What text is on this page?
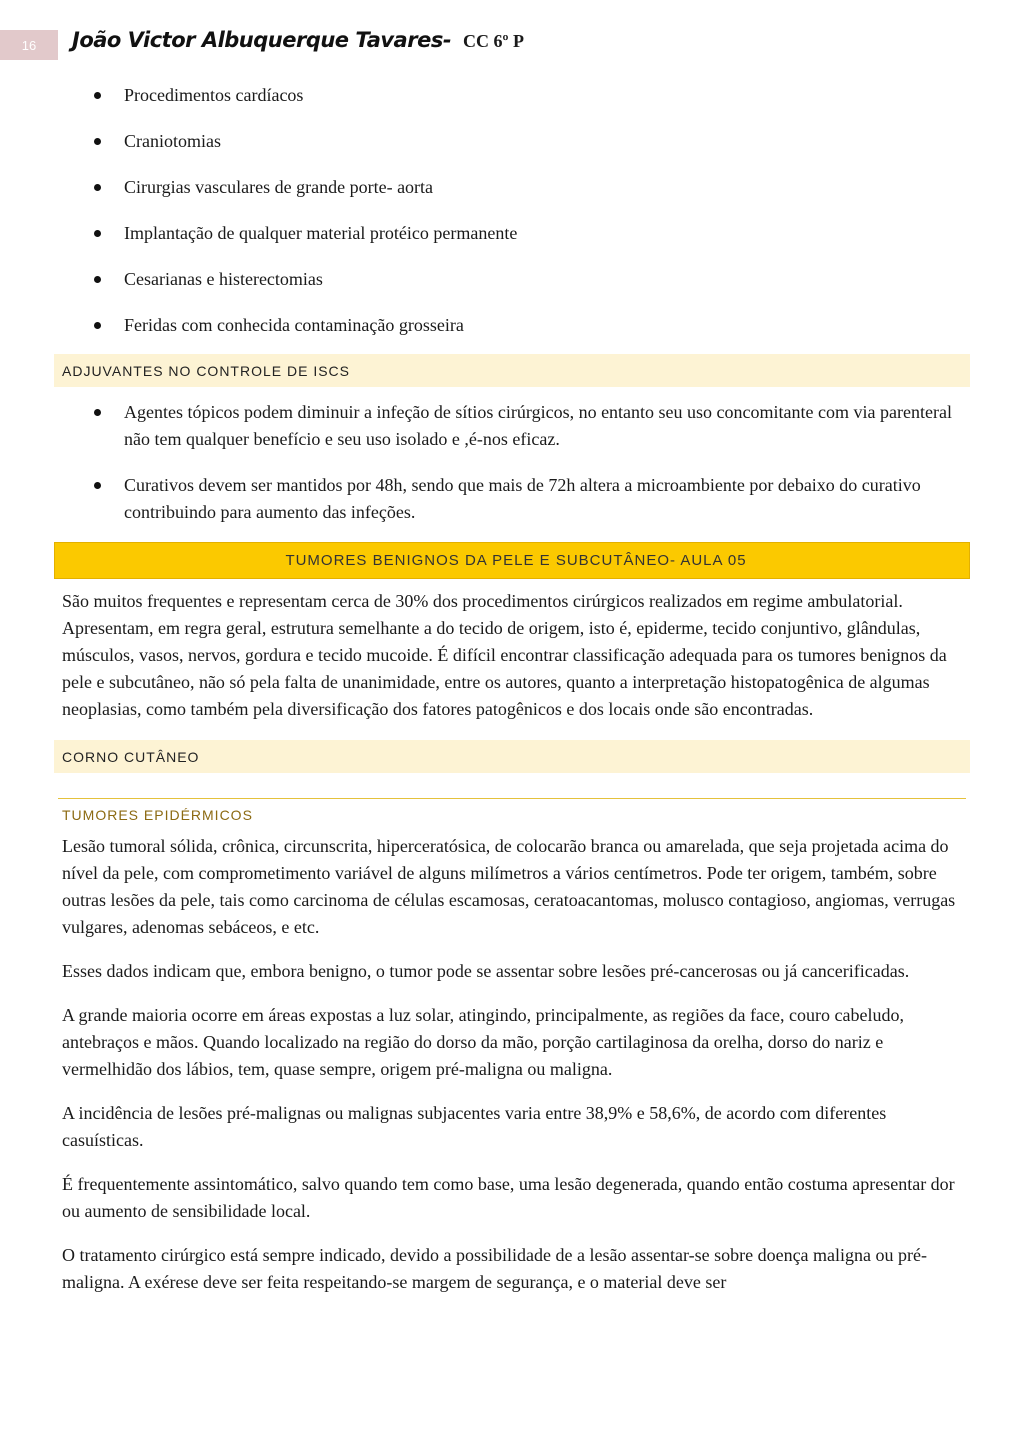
16	João Victor Albuquerque Tavares- CC 6º P
Procedimentos cardíacos
Craniotomias
Cirurgias vasculares de grande porte- aorta
Implantação de qualquer material protéico permanente
Cesarianas e histerectomias
Feridas com conhecida contaminação grosseira
ADJUVANTES NO CONTROLE DE ISCS
Agentes tópicos podem diminuir a infeção de sítios cirúrgicos, no entanto seu uso concomitante com via parenteral não tem qualquer benefício e seu uso isolado e ,é-nos eficaz.
Curativos devem ser mantidos por 48h, sendo que mais de 72h altera a microambiente por debaixo do curativo contribuindo para aumento das infeções.
TUMORES BENIGNOS DA PELE E SUBCUTÂNEO- AULA 05

São muitos frequentes e representam cerca de 30% dos procedimentos cirúrgicos realizados em regime ambulatorial. Apresentam, em regra geral, estrutura semelhante a do tecido de origem, isto é, epiderme, tecido conjuntivo, glândulas, músculos, vasos, nervos, gordura e tecido mucoide. É difícil encontrar classificação adequada para os tumores benignos da pele e subcutâneo, não só pela falta de unanimidade, entre os autores, quanto a interpretação histopatogênica de algumas neoplasias, como também pela diversificação dos fatores patogênicos e dos locais onde são encontradas.

CORNO CUTÂNEO
TUMORES EPIDÉRMICOS

Lesão tumoral sólida, crônica, circunscrita, hiperceratósica, de colocarão branca ou amarelada, que seja projetada acima do nível da pele, com comprometimento variável de alguns milímetros a vários centímetros. Pode ter origem, também, sobre outras lesões da pele, tais como carcinoma de células escamosas, ceratoacantomas, molusco contagioso, angiomas, verrugas vulgares, adenomas sebáceos, e etc.

Esses dados indicam que, embora benigno, o tumor pode se assentar sobre lesões pré-cancerosas ou já cancerificadas.

A grande maioria ocorre em áreas expostas a luz solar, atingindo, principalmente, as regiões da face, couro cabeludo, antebraços e mãos. Quando localizado na região do dorso da mão, porção cartilaginosa da orelha, dorso do nariz e vermelhidão dos lábios, tem, quase sempre, origem pré-maligna ou maligna.

A incidência de lesões pré-malignas ou malignas subjacentes varia entre 38,9% e 58,6%, de acordo com diferentes casuísticas.

É frequentemente assintomático, salvo quando tem como base, uma lesão degenerada, quando então costuma apresentar dor ou aumento de sensibilidade local.

O tratamento cirúrgico está sempre indicado, devido a possibilidade de a lesão assentar-se sobre doença maligna ou pré-maligna. A exérese deve ser feita respeitando-se margem de segurança, e o material deve ser
